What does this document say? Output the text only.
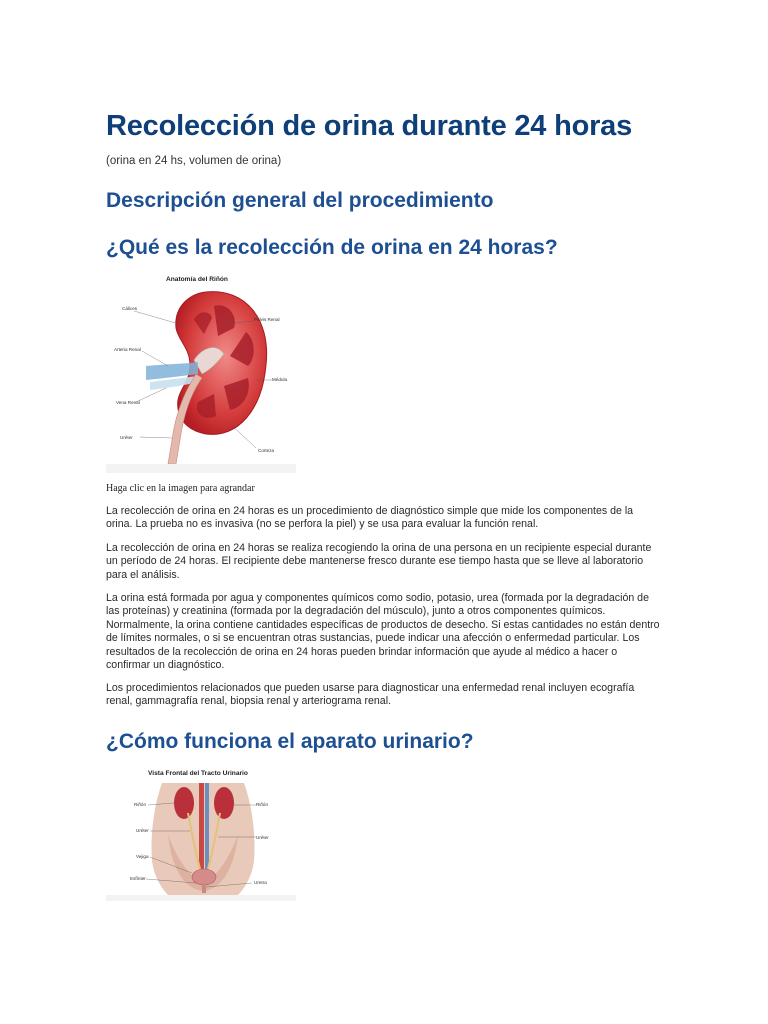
Recolección de orina durante 24 horas

(orina en 24 hs, volumen de orina)

Descripción general del procedimiento
¿Qué es la recolección de orina en 24 horas?
Anatomía del Riñón
Cálices
Pelvis Renal
Arteria Renal
Médula
Vena Renal
Uréter
Corteza

Haga clic en la imagen para agrandar

La recolección de orina en 24 horas es un procedimiento de diagnóstico simple que mide los componentes de la orina. La prueba no es invasiva (no se perfora la piel) y se usa para evaluar la función renal.

La recolección de orina en 24 horas se realiza recogiendo la orina de una persona en un recipiente especial durante un período de 24 horas. El recipiente debe mantenerse fresco durante ese tiempo hasta que se lleve al laboratorio para el análisis.

La orina está formada por agua y componentes químicos como sodio, potasio, urea (formada por la degradación de las proteínas) y creatinina (formada por la degradación del músculo), junto a otros componentes químicos. Normalmente, la orina contiene cantidades específicas de productos de desecho. Si estas cantidades no están dentro de límites normales, o si se encuentran otras sustancias, puede indicar una afección o enfermedad particular. Los resultados de la recolección de orina en 24 horas pueden brindar información que ayude al médico a hacer o confirmar un diagnóstico.

Los procedimientos relacionados que pueden usarse para diagnosticar una enfermedad renal incluyen ecografía renal, gammagrafía renal, biopsia renal y arteriograma renal.

¿Cómo funciona el aparato urinario?
Vista Frontal del Tracto Urinario
Riñón	Riñón
Uréter
Uréter
Vejiga
Esfínter
Uretra
